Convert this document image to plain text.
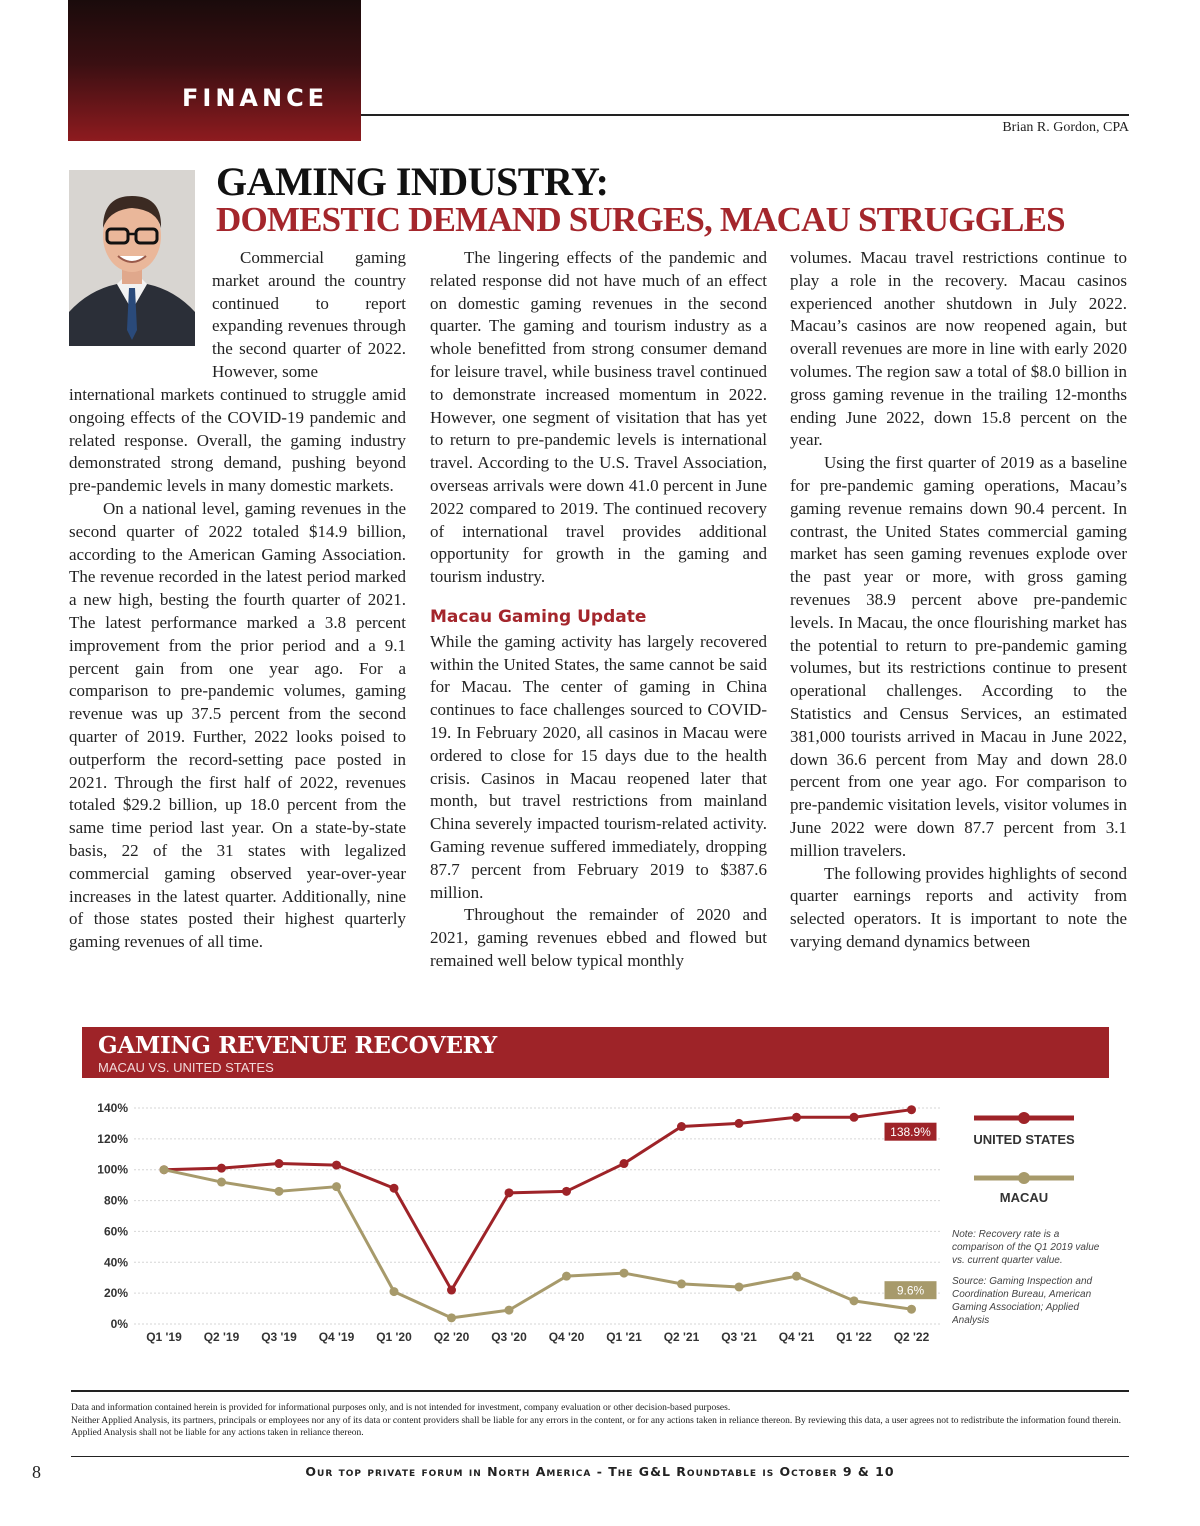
FINANCE
Brian R. Gordon, CPA
GAMING INDUSTRY:
DOMESTIC DEMAND SURGES, MACAU STRUGGLES

Commercial gaming market around the country continued to report expanding revenues through the second quarter of 2022. However, some

international markets continued to struggle amid ongoing effects of the COVID-19 pandemic and related response. Overall, the gaming industry demonstrated strong demand, pushing beyond pre-pandemic levels in many domestic markets.

On a national level, gaming revenues in the second quarter of 2022 totaled $14.9 billion, according to the American Gaming Association. The revenue recorded in the latest period marked a new high, besting the fourth quarter of 2021. The latest performance marked a 3.8 percent improvement from the prior period and a 9.1 percent gain from one year ago. For a comparison to pre-pandemic volumes, gaming revenue was up 37.5 percent from the second quarter of 2019. Further, 2022 looks poised to outperform the record-setting pace posted in 2021. Through the first half of 2022, revenues totaled $29.2 billion, up 18.0 percent from the same time period last year. On a state-by-state basis, 22 of the 31 states with legalized commercial gaming observed year-over-year increases in the latest quarter. Additionally, nine of those states posted their highest quarterly gaming revenues of all time.

The lingering effects of the pandemic and related response did not have much of an effect on domestic gaming revenues in the second quarter. The gaming and tourism industry as a whole benefitted from strong consumer demand for leisure travel, while business travel continued to demonstrate increased momentum in 2022. However, one segment of visitation that has yet to return to pre-pandemic levels is international travel. According to the U.S. Travel Association, overseas arrivals were down 41.0 percent in June 2022 compared to 2019. The continued recovery of international travel provides additional opportunity for growth in the gaming and tourism industry.

Macau Gaming Update

While the gaming activity has largely recovered within the United States, the same cannot be said for Macau. The center of gaming in China continues to face challenges sourced to COVID-19. In February 2020, all casinos in Macau were ordered to close for 15 days due to the health crisis. Casinos in Macau reopened later that month, but travel restrictions from mainland China severely impacted tourism-related activity. Gaming revenue suffered immediately, dropping 87.7 percent from February 2019 to $387.6 million.

Throughout the remainder of 2020 and 2021, gaming revenues ebbed and flowed but remained well below typical monthly

volumes. Macau travel restrictions continue to play a role in the recovery. Macau casinos experienced another shutdown in July 2022. Macau’s casinos are now reopened again, but overall revenues are more in line with early 2020 volumes. The region saw a total of $8.0 billion in gross gaming revenue in the trailing 12-months ending June 2022, down 15.8 percent on the year.

Using the first quarter of 2019 as a baseline for pre-pandemic gaming operations, Macau’s gaming revenue remains down 90.4 percent. In contrast, the United States commercial gaming market has seen gaming revenues explode over the past year or more, with gross gaming revenues 38.9 percent above pre-pandemic levels. In Macau, the once flourishing market has the potential to return to pre-pandemic gaming volumes, but its restrictions continue to present operational challenges. According to the Statistics and Census Services, an estimated 381,000 tourists arrived in Macau in June 2022, down 36.6 percent from May and down 28.0 percent from one year ago. For comparison to pre-pandemic visitation levels, visitor volumes in June 2022 were down 87.7 percent from 3.1 million travelers.

The following provides highlights of second quarter earnings reports and activity from selected operators. It is important to note the varying demand dynamics between

GAMING REVENUE RECOVERY
MACAU VS. UNITED STATES
0%
20%
40%
60%
80%
100%
120%
140%
Q1 '19 Q2 '19 Q3 '19 Q4 '19 Q1 '20 Q2 '20 Q3 '20 Q4 '20 Q1 '21 Q2 '21 Q3 '21 Q4 '21 Q1 '22 Q2 '22
138.9%
9.6%
UNITED STATES
MACAU
Note: Recovery rate is a comparison of the Q1 2019 value vs. current quarter value.
Source: Gaming Inspection and Coordination Bureau, American Gaming Association; Applied Analysis
Data and information contained herein is provided for informational purposes only, and is not intended for investment, company evaluation or other decision-based purposes.
Neither Applied Analysis, its partners, principals or employees nor any of its data or content providers shall be liable for any errors in the content, or for any actions taken in reliance thereon. By reviewing this data, a user agrees not to redistribute the information found therein. Applied Analysis shall not be liable for any actions taken in reliance thereon.
8	Our top private forum in North America - The G&L Roundtable is October 9 & 10
